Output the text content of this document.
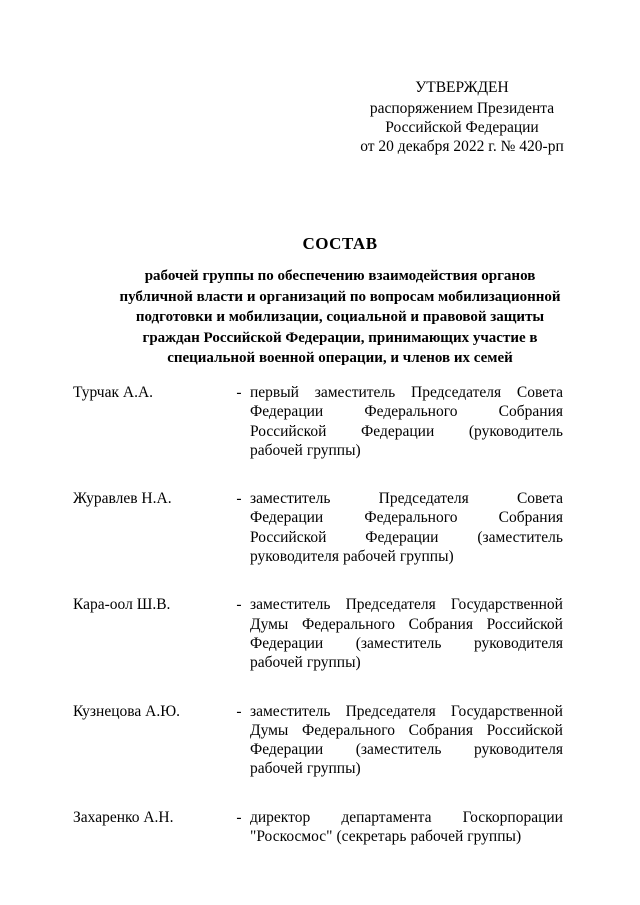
УТВЕРЖДЕН
распоряжением Президента
Российской Федерации
от 20 декабря 2022 г. № 420-рп
СОСТАВ
рабочей группы по обеспечению взаимодействия органов
публичной власти и организаций по вопросам мобилизационной
подготовки и мобилизации, социальной и правовой защиты
граждан Российской Федерации, принимающих участие в
специальной военной операции, и членов их семей
Турчак А.А.	- первый заместитель Председателя Совета
Федерации	Федерального	Собрания
Российской Федерации (руководитель
рабочей группы)
Журавлев Н.А.	- заместитель	Председателя	Совета
Федерации	Федерального	Собрания
Российской	Федерации	(заместитель
руководителя рабочей группы)
Кара-оол Ш.В.	- заместитель Председателя Государственной
Думы Федерального Собрания Российской
Федерации (заместитель руководителя
рабочей группы)
Кузнецова А.Ю.	- заместитель Председателя Государственной
Думы Федерального Собрания Российской
Федерации (заместитель руководителя
рабочей группы)
Захаренко А.Н.	- директор департамента Госкорпорации
"Роскосмос" (секретарь рабочей группы)
